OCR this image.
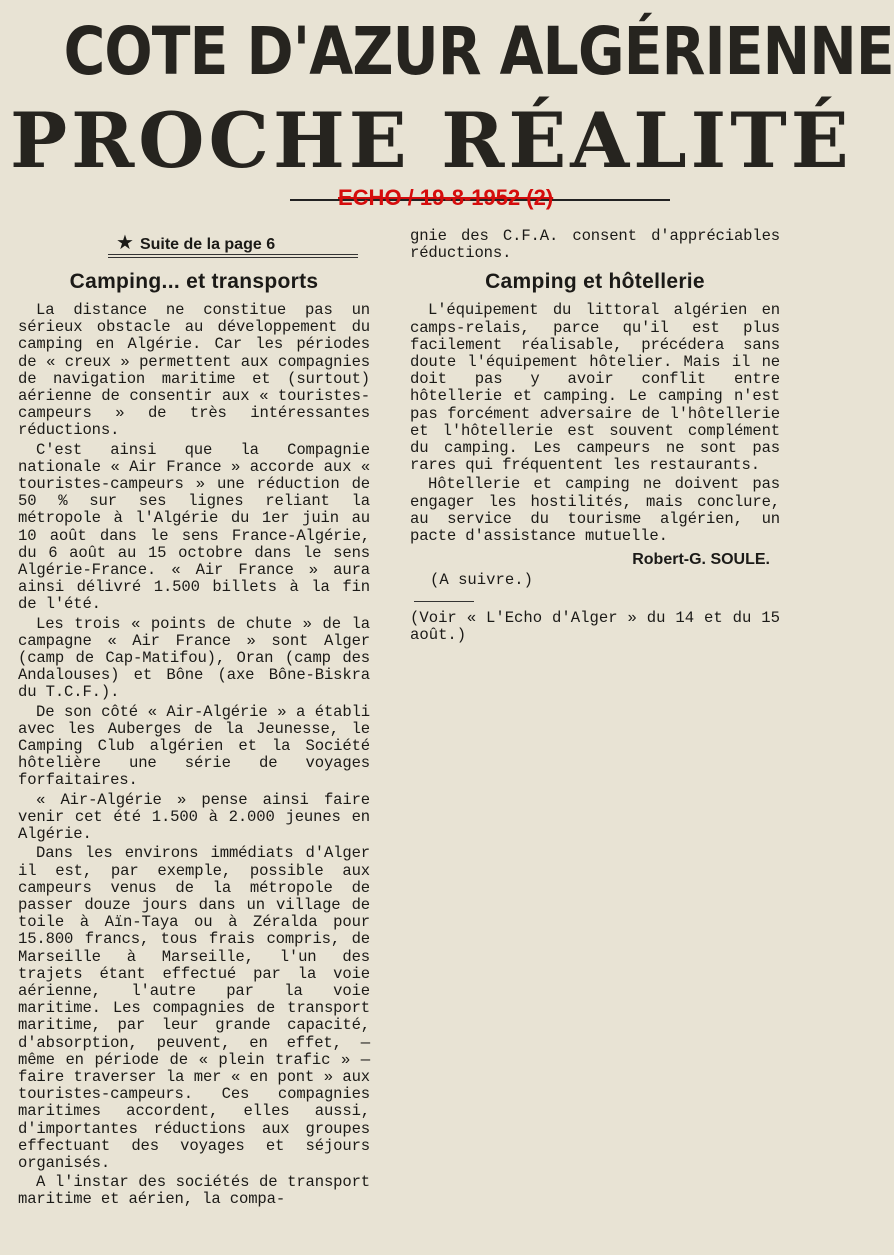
COTE D'AZUR ALGÉRIENNE
PROCHE RÉALITÉ
ECHO / 19-8-1952 (2)
★ Suite de la page 6
Camping... et transports

La distance ne constitue pas un sérieux obstacle au développement du camping en Algérie. Car les périodes de « creux » permettent aux compagnies de navigation maritime et (surtout) aérienne de consentir aux « touristes-campeurs » de très intéressantes réductions.

C'est ainsi que la Compagnie nationale « Air France » accorde aux « touristes-campeurs » une réduction de 50 % sur ses lignes reliant la métropole à l'Algérie du 1er juin au 10 août dans le sens France-Algérie, du 6 août au 15 octobre dans le sens Algérie-France. « Air France » aura ainsi délivré 1.500 billets à la fin de l'été.

Les trois « points de chute » de la campagne « Air France » sont Alger (camp de Cap-Matifou), Oran (camp des Andalouses) et Bône (axe Bône-Biskra du T.C.F.).

De son côté « Air-Algérie » a établi avec les Auberges de la Jeunesse, le Camping Club algérien et la Société hôtelière une série de voyages forfaitaires.

« Air-Algérie » pense ainsi faire venir cet été 1.500 à 2.000 jeunes en Algérie.

Dans les environs immédiats d'Alger il est, par exemple, possible aux campeurs venus de la métropole de passer douze jours dans un village de toile à Aïn-Taya ou à Zéralda pour 15.800 francs, tous frais compris, de Marseille à Marseille, l'un des trajets étant effectué par la voie aérienne, l'autre par la voie maritime. Les compagnies de transport maritime, par leur grande capacité, d'absorption, peuvent, en effet, — même en période de « plein trafic » — faire traverser la mer « en pont » aux touristes-campeurs. Ces compagnies maritimes accordent, elles aussi, d'importantes réductions aux groupes effectuant des voyages et séjours organisés.

A l'instar des sociétés de transport maritime et aérien, la compa-

gnie des C.F.A. consent d'appréciables réductions.

Camping et hôtellerie

L'équipement du littoral algérien en camps-relais, parce qu'il est plus facilement réalisable, précédera sans doute l'équipement hôtelier. Mais il ne doit pas y avoir conflit entre hôtellerie et camping. Le camping n'est pas forcément adversaire de l'hôtellerie et l'hôtellerie est souvent complément du camping. Les campeurs ne sont pas rares qui fréquentent les restaurants.

Hôtellerie et camping ne doivent pas engager les hostilités, mais conclure, au service du tourisme algérien, un pacte d'assistance mutuelle.

Robert-G. SOULE.
(A suivre.)

(Voir « L'Echo d'Alger » du 14 et du 15 août.)
